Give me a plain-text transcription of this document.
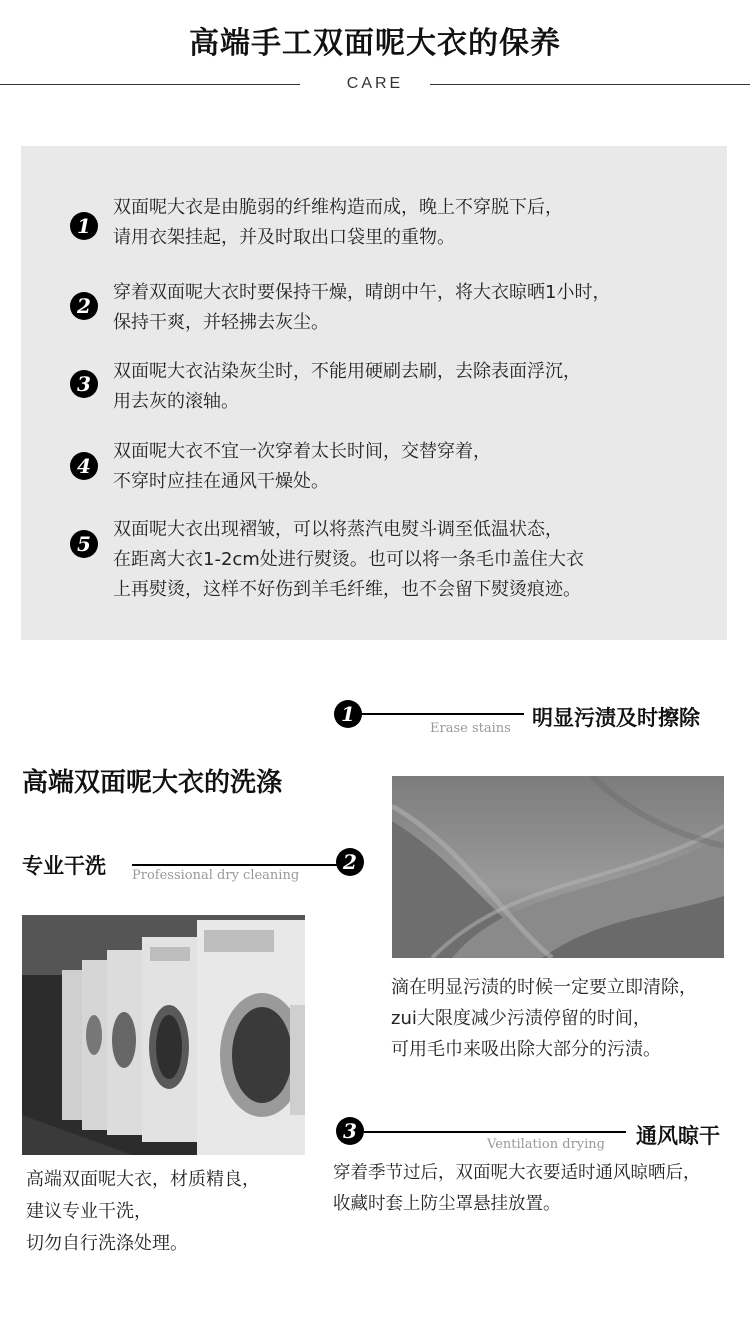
高端手工双面呢大衣的保养
CARE
1
双面呢大衣是由脆弱的纤维构造而成，晚上不穿脱下后，
请用衣架挂起，并及时取出口袋里的重物。
2
穿着双面呢大衣时要保持干燥，晴朗中午，将大衣晾晒1小时，
保持干爽，并轻拂去灰尘。
3
双面呢大衣沾染灰尘时，不能用硬刷去刷，去除表面浮沉，
用去灰的滚轴。
4
双面呢大衣不宜一次穿着太长时间，交替穿着，
不穿时应挂在通风干燥处。
5
双面呢大衣出现褶皱，可以将蒸汽电熨斗调至低温状态，
在距离大衣1-2cm处进行熨烫。也可以将一条毛巾盖住大衣
上再熨烫，这样不好伤到羊毛纤维，也不会留下熨烫痕迹。
1
Erase stains 明显污渍及时擦除
高端双面呢大衣的洗涤
专业干洗 Professional dry cleaning
2
滴在明显污渍的时候一定要立即清除，
zui大限度减少污渍停留的时间，
可用毛巾来吸出除大部分的污渍。
3
Ventilation drying 通风晾干
穿着季节过后，双面呢大衣要适时通风晾晒后，
收藏时套上防尘罩悬挂放置。
高端双面呢大衣，材质精良，
建议专业干洗，
切勿自行洗涤处理。
